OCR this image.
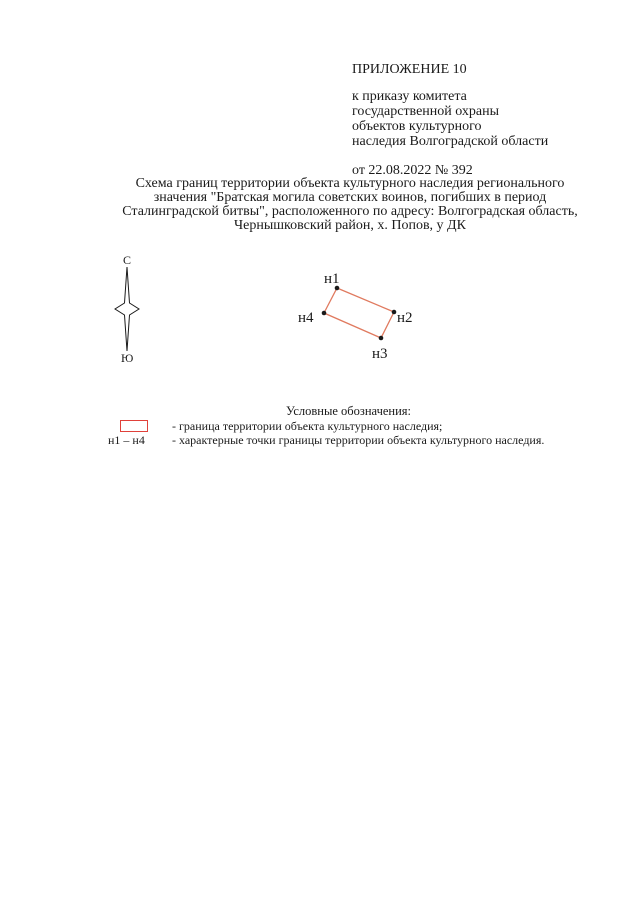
ПРИЛОЖЕНИЕ 10
к приказу комитета
государственной охраны
объектов культурного
наследия Волгоградской области
от 22.08.2022 № 392
Схема границ территории объекта культурного наследия регионального
значения "Братская могила советских воинов, погибших в период
Сталинградской битвы", расположенного по адресу: Волгоградская область,
Чернышковский район, х. Попов, у ДК
С
Ю
н1
н2
н3
н4
Условные обозначения:
- граница территории объекта культурного наследия;
н1 – н4	- характерные точки границы территории объекта культурного наследия.
